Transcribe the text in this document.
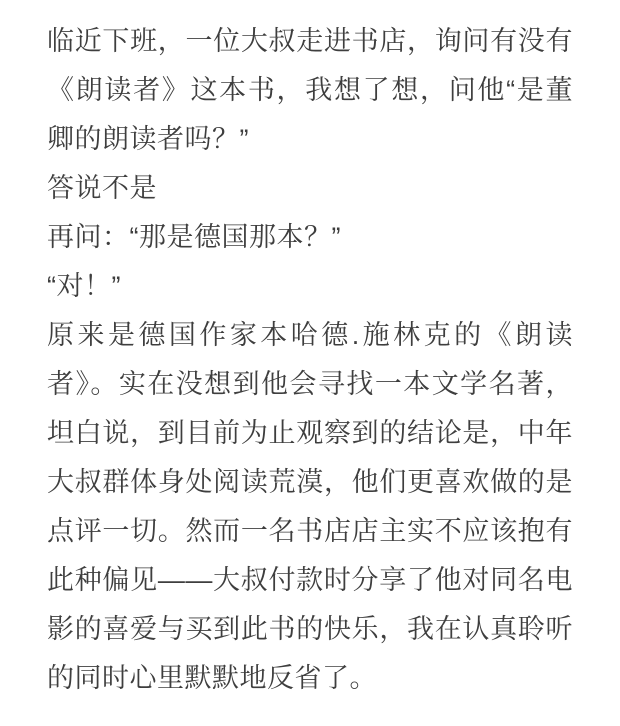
临近下班，一位大叔走进书店，询问有没有《朗读者》这本书，我想了想，问他“是董卿的朗读者吗？”

答说不是

再问：“那是德国那本？”

“对！”

原来是德国作家本哈德.施林克的《朗读者》。实在没想到他会寻找一本文学名著，坦白说，到目前为止观察到的结论是，中年大叔群体身处阅读荒漠，他们更喜欢做的是点评一切。然而一名书店店主实不应该抱有此种偏见——大叔付款时分享了他对同名电影的喜爱与买到此书的快乐，我在认真聆听的同时心里默默地反省了。
